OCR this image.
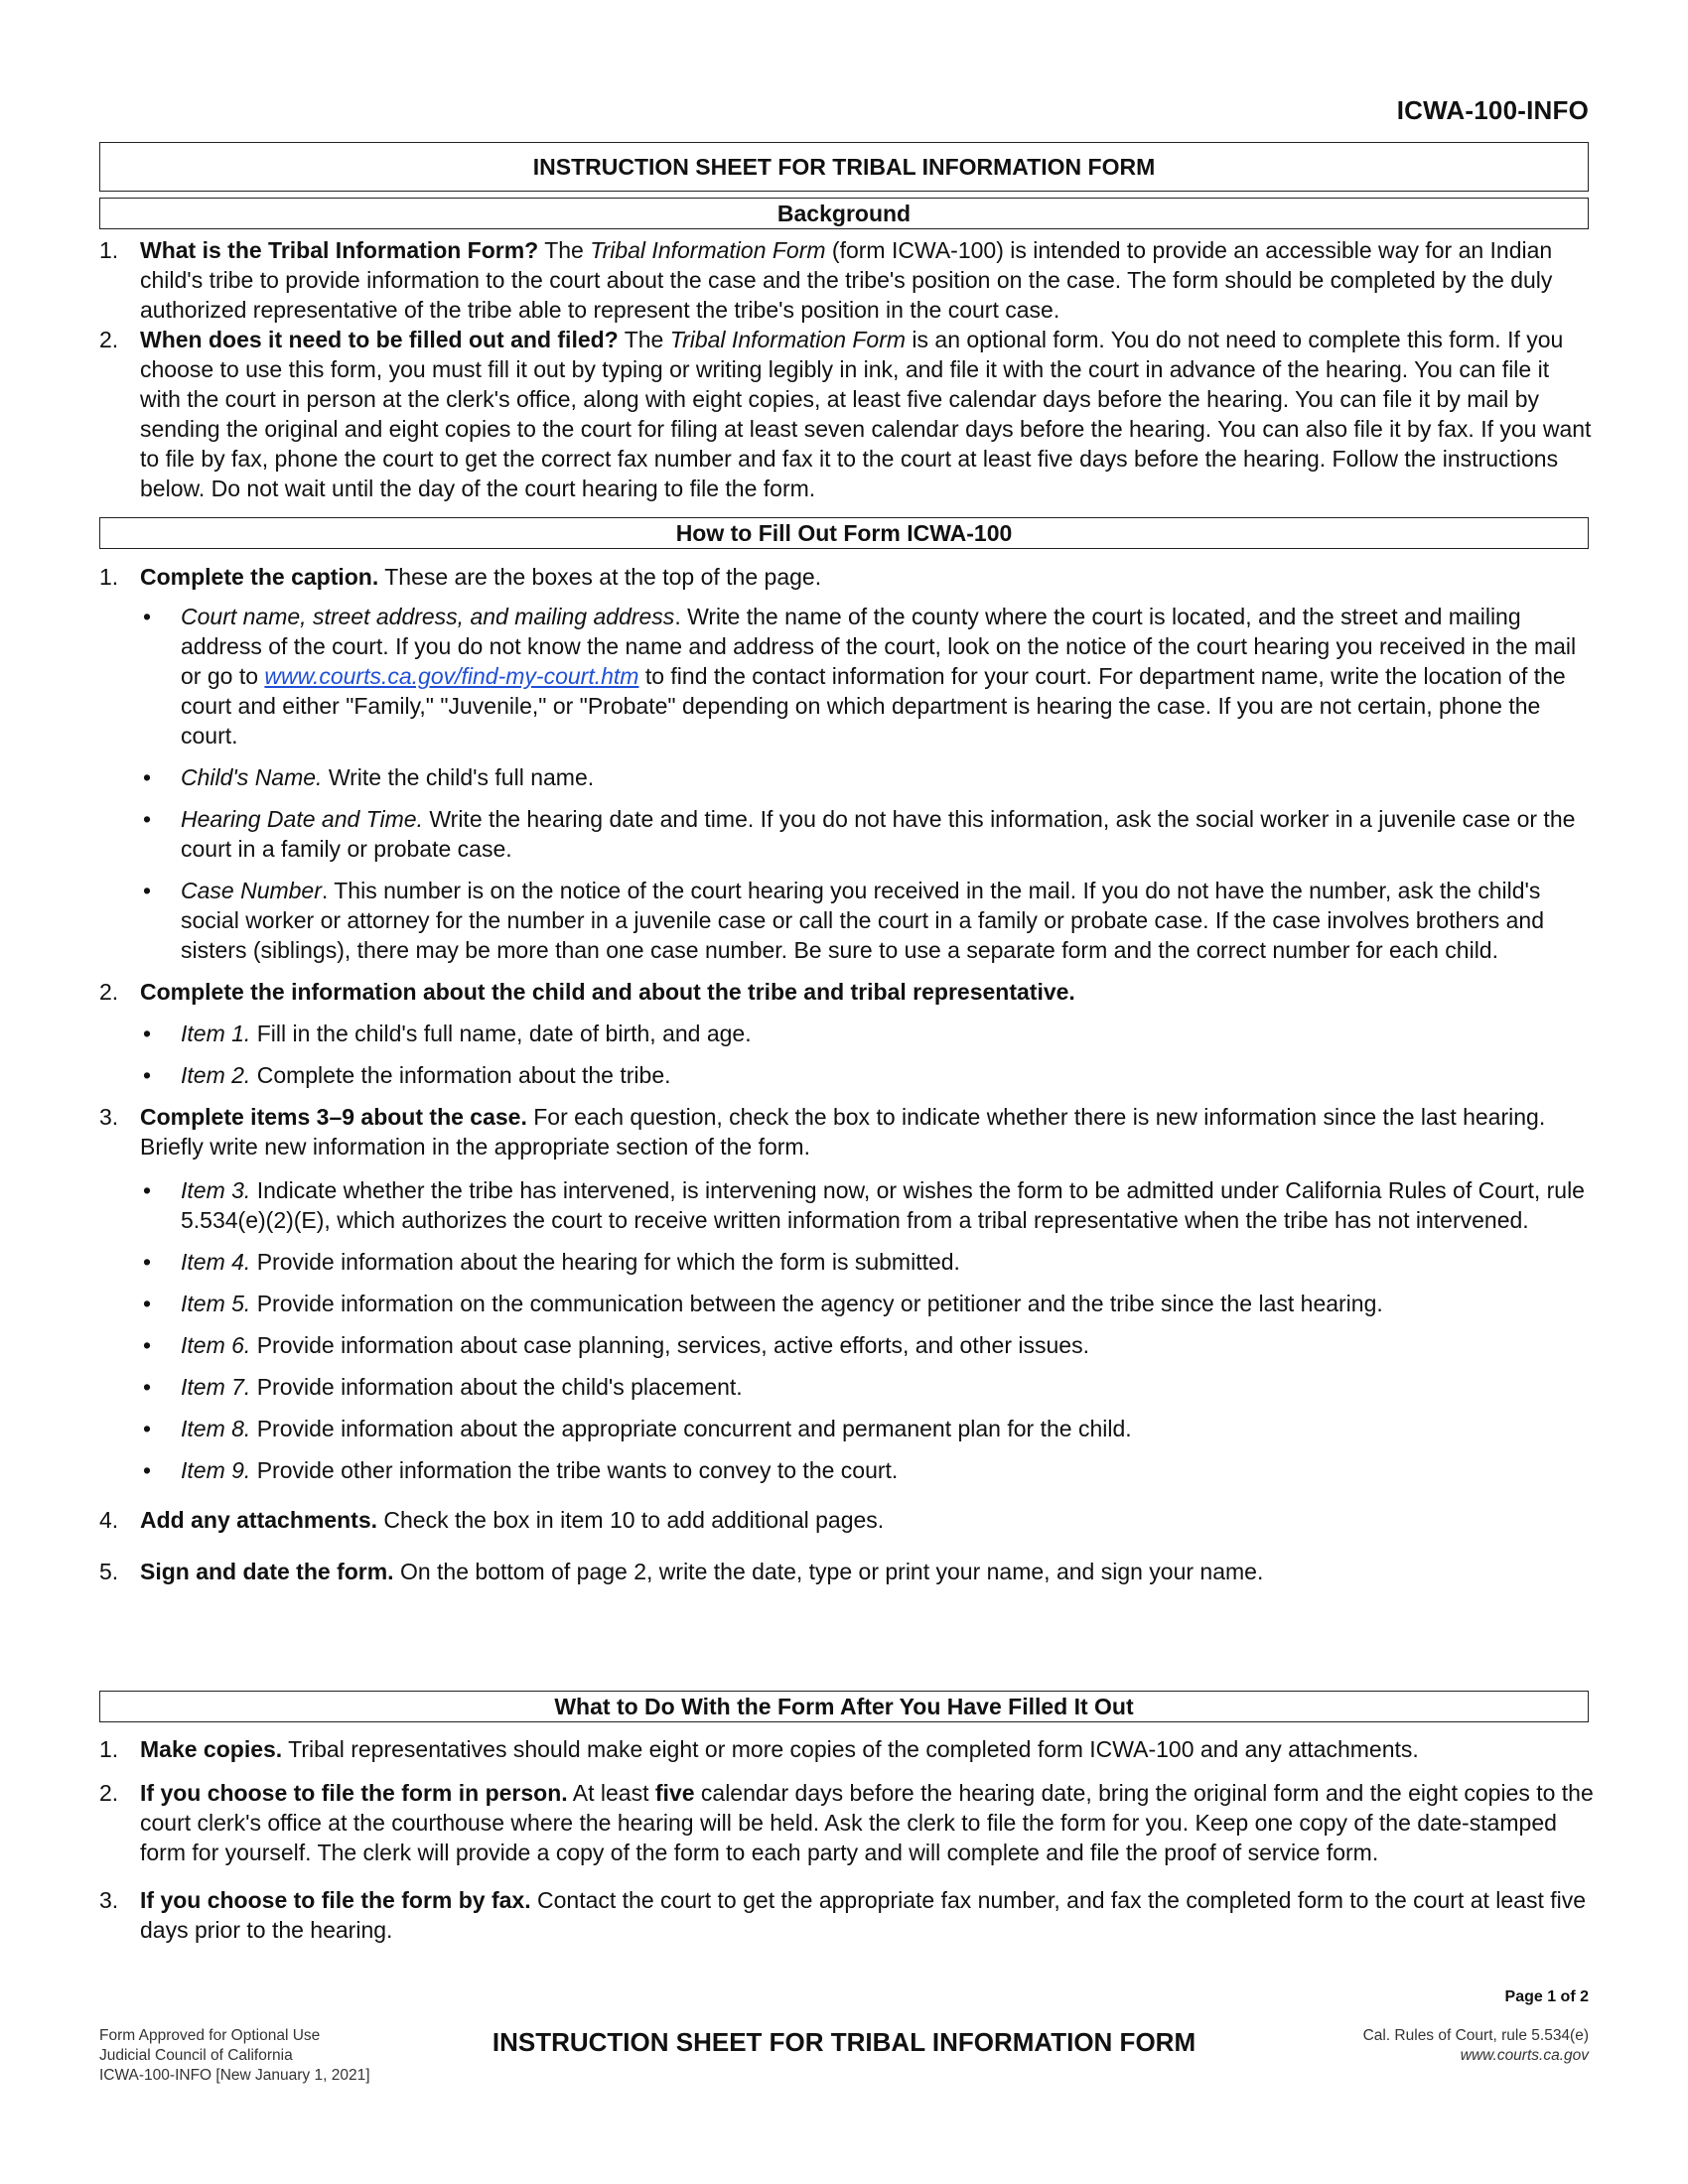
ICWA-100-INFO
INSTRUCTION SHEET FOR TRIBAL INFORMATION FORM
Background
1. What is the Tribal Information Form? The Tribal Information Form (form ICWA-100) is intended to provide an accessible way for an Indian child's tribe to provide information to the court about the case and the tribe's position on the case. The form should be completed by the duly authorized representative of the tribe able to represent the tribe's position in the court case.
2. When does it need to be filled out and filed? The Tribal Information Form is an optional form. You do not need to complete this form. If you choose to use this form, you must fill it out by typing or writing legibly in ink, and file it with the court in advance of the hearing. You can file it with the court in person at the clerk's office, along with eight copies, at least five calendar days before the hearing. You can file it by mail by sending the original and eight copies to the court for filing at least seven calendar days before the hearing. You can also file it by fax. If you want to file by fax, phone the court to get the correct fax number and fax it to the court at least five days before the hearing. Follow the instructions below. Do not wait until the day of the court hearing to file the form.
How to Fill Out Form ICWA-100
1. Complete the caption. These are the boxes at the top of the page.
• Court name, street address, and mailing address. Write the name of the county where the court is located, and the street and mailing address of the court. If you do not know the name and address of the court, look on the notice of the court hearing you received in the mail or go to www.courts.ca.gov/find-my-court.htm to find the contact information for your court. For department name, write the location of the court and either "Family," "Juvenile," or "Probate" depending on which department is hearing the case. If you are not certain, phone the court.
• Child's Name. Write the child's full name.
• Hearing Date and Time. Write the hearing date and time. If you do not have this information, ask the social worker in a juvenile case or the court in a family or probate case.
• Case Number. This number is on the notice of the court hearing you received in the mail. If you do not have the number, ask the child's social worker or attorney for the number in a juvenile case or call the court in a family or probate case. If the case involves brothers and sisters (siblings), there may be more than one case number. Be sure to use a separate form and the correct number for each child.
2. Complete the information about the child and about the tribe and tribal representative.
• Item 1. Fill in the child's full name, date of birth, and age.
• Item 2. Complete the information about the tribe.
3. Complete items 3–9 about the case. For each question, check the box to indicate whether there is new information since the last hearing. Briefly write new information in the appropriate section of the form.
• Item 3. Indicate whether the tribe has intervened, is intervening now, or wishes the form to be admitted under California Rules of Court, rule 5.534(e)(2)(E), which authorizes the court to receive written information from a tribal representative when the tribe has not intervened.
• Item 4. Provide information about the hearing for which the form is submitted.
• Item 5. Provide information on the communication between the agency or petitioner and the tribe since the last hearing.
• Item 6. Provide information about case planning, services, active efforts, and other issues.
• Item 7. Provide information about the child's placement.
• Item 8. Provide information about the appropriate concurrent and permanent plan for the child.
• Item 9. Provide other information the tribe wants to convey to the court.
4. Add any attachments. Check the box in item 10 to add additional pages.
5. Sign and date the form. On the bottom of page 2, write the date, type or print your name, and sign your name.
What to Do With the Form After You Have Filled It Out
1. Make copies. Tribal representatives should make eight or more copies of the completed form ICWA-100 and any attachments.
2. If you choose to file the form in person. At least five calendar days before the hearing date, bring the original form and the eight copies to the court clerk's office at the courthouse where the hearing will be held. Ask the clerk to file the form for you. Keep one copy of the date-stamped form for yourself. The clerk will provide a copy of the form to each party and will complete and file the proof of service form.
3. If you choose to file the form by fax. Contact the court to get the appropriate fax number, and fax the completed form to the court at least five days prior to the hearing.
Page 1 of 2
Form Approved for Optional Use
Judicial Council of California
ICWA-100-INFO [New January 1, 2021]
INSTRUCTION SHEET FOR TRIBAL INFORMATION FORM	Cal. Rules of Court, rule 5.534(e)
www.courts.ca.gov
